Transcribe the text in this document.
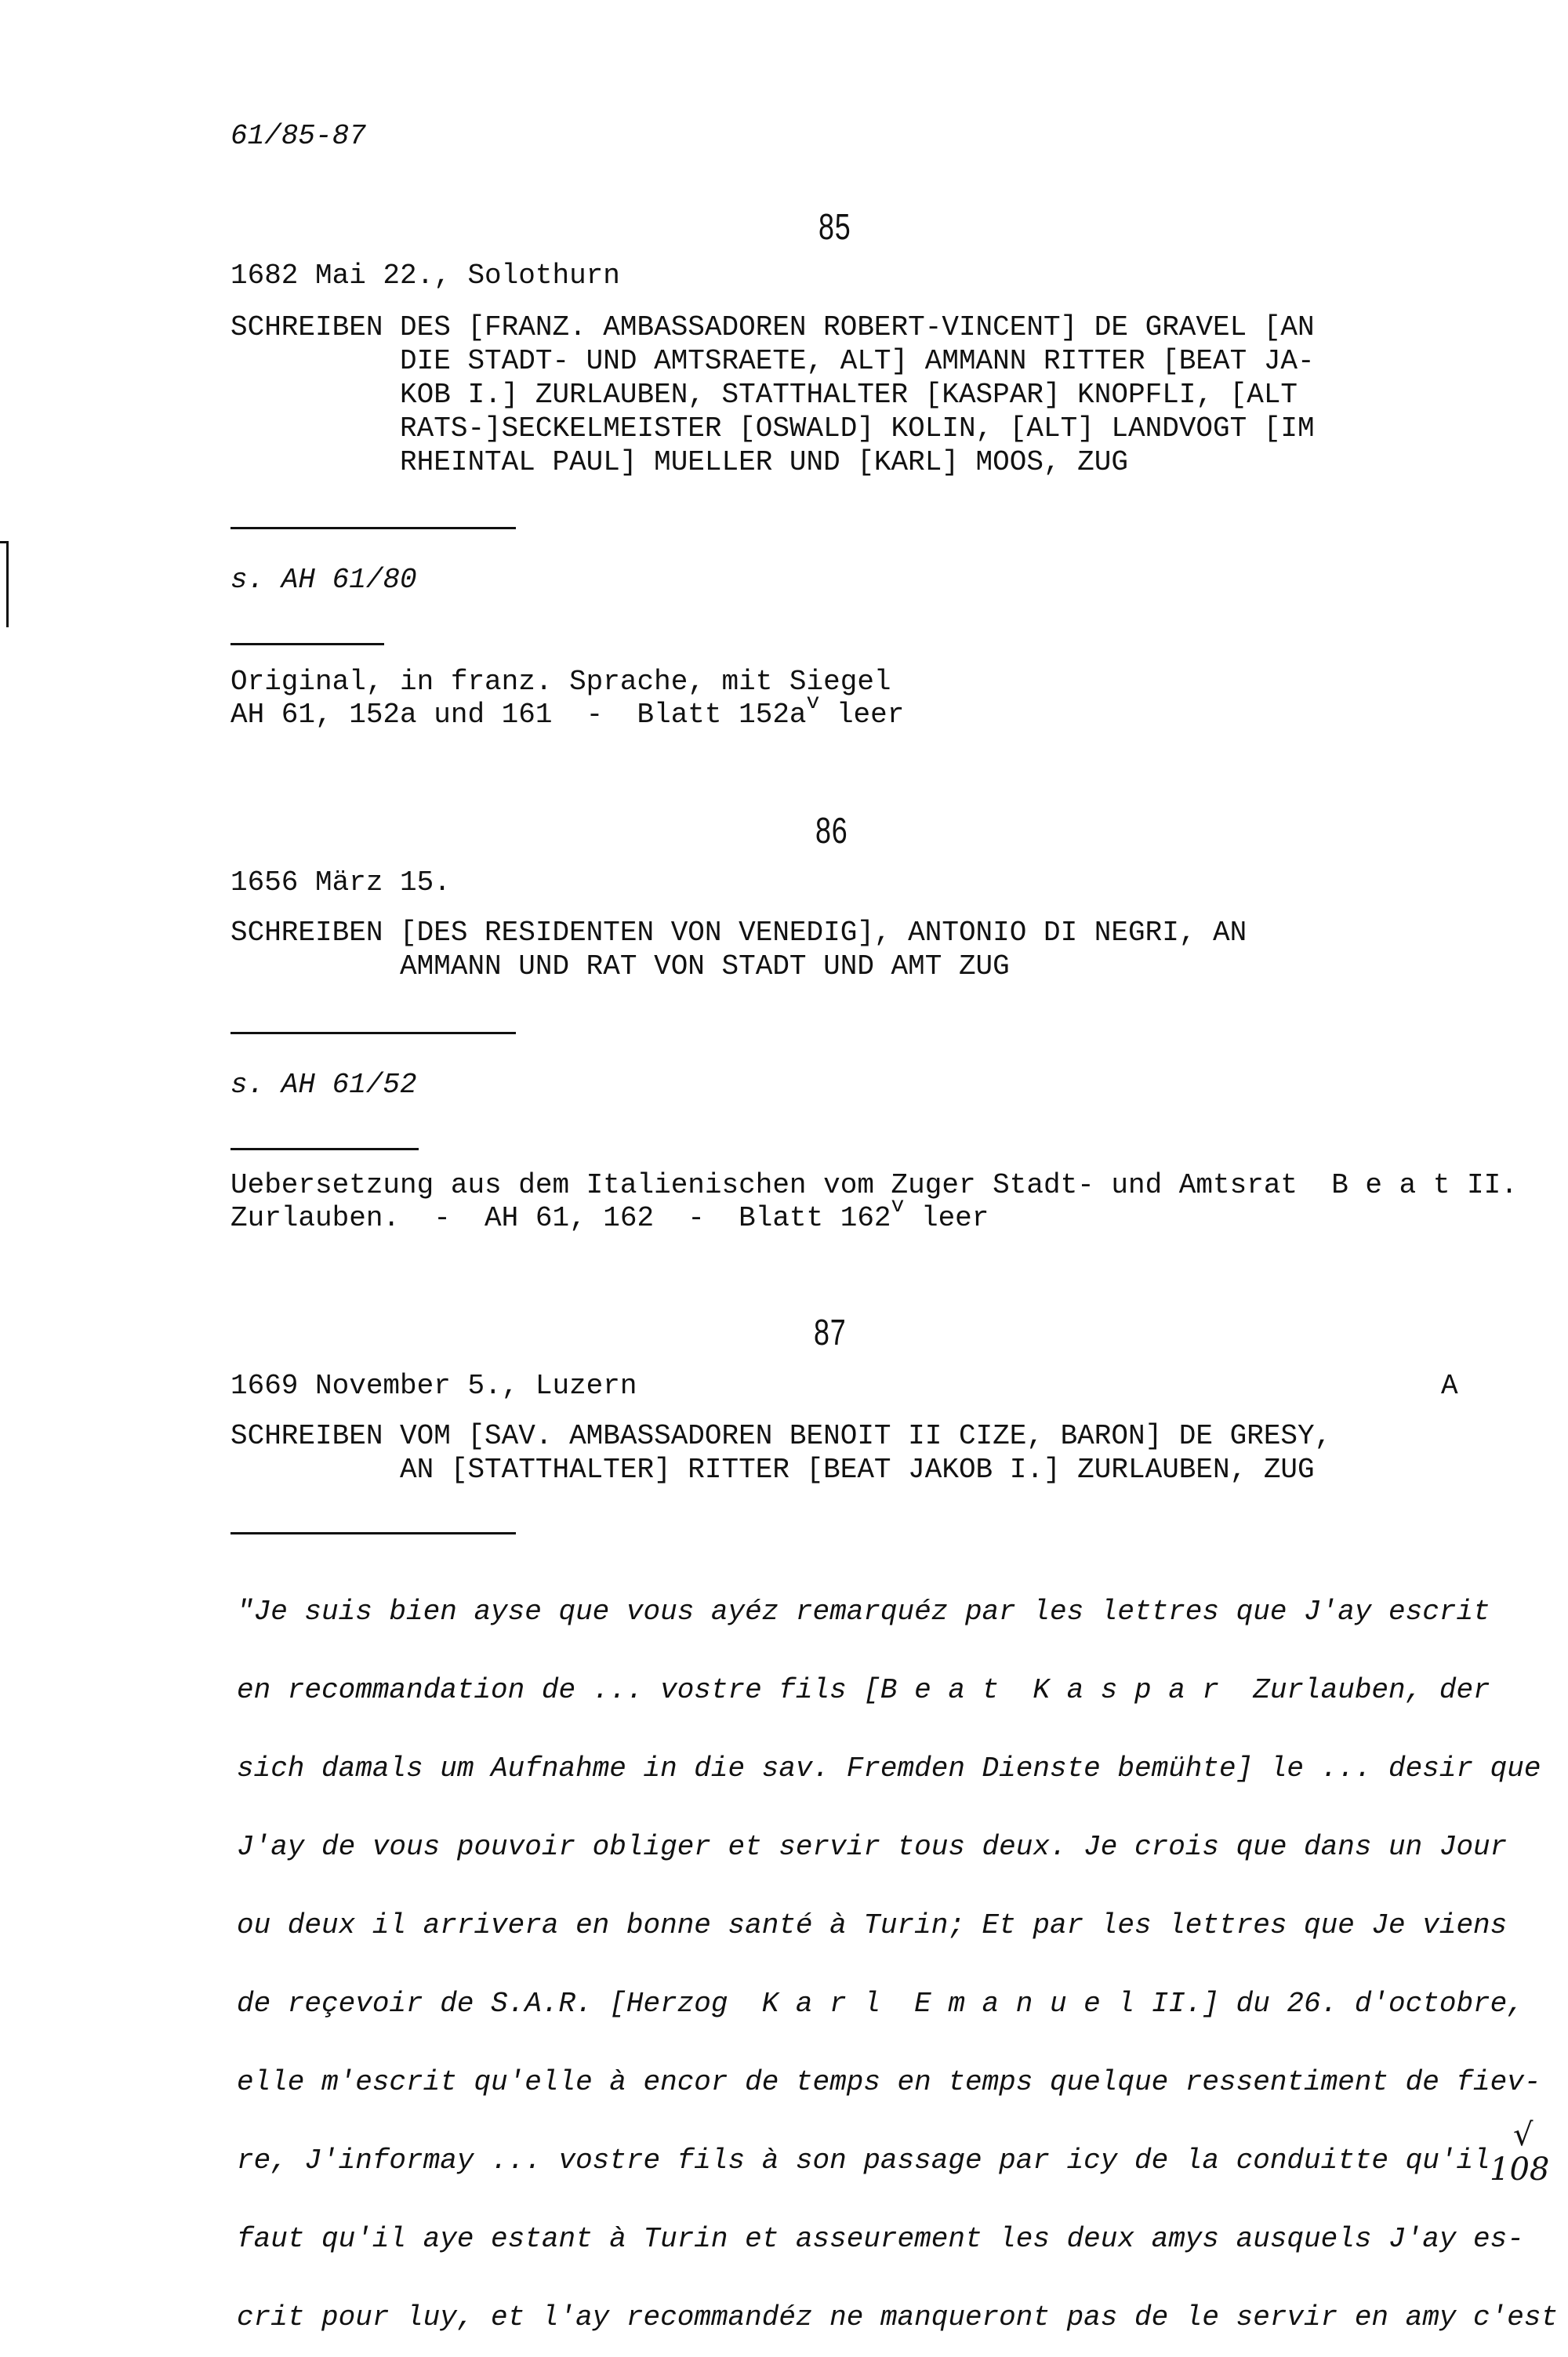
61/85-87
85
1682 Mai 22., Solothurn
SCHREIBEN DES [FRANZ. AMBASSADOREN ROBERT-VINCENT] DE GRAVEL [AN
DIE STADT- UND AMTSRAETE, ALT] AMMANN RITTER [BEAT JA-
KOB I.] ZURLAUBEN, STATTHALTER [KASPAR] KNOPFLI, [ALT
RATS-]SECKELMEISTER [OSWALD] KOLIN, [ALT] LANDVOGT [IM
RHEINTAL PAUL] MUELLER UND [KARL] MOOS, ZUG
s. AH 61/80
Original, in franz. Sprache, mit Siegel
AH 61, 152a und 161  -  Blatt $152a^v$ leer
86
1656 März 15.
SCHREIBEN [DES RESIDENTEN VON VENEDIG], ANTONIO DI NEGRI, AN
AMMANN UND RAT VON STADT UND AMT ZUG
s. AH 61/52
Uebersetzung aus dem Italienischen vom Zuger Stadt- und Amtsrat  B e a t II.
Zurlauben.  -  AH 61, 162  -  Blatt 162$^v$ leer
87
1669 November 5., Luzern	A
SCHREIBEN VOM [SAV. AMBASSADOREN BENOIT II CIZE, BARON] DE GRESY,
AN [STATTHALTER] RITTER [BEAT JAKOB I.] ZURLAUBEN, ZUG

"Je suis bien ayse que vous ayéz remarquéz par les lettres que J'ay escrit

en recommandation de ... vostre fils [B e a t  K a s p a r  Zurlauben, der

sich damals um Aufnahme in die sav. Fremden Dienste bemühte] le ... desir que

J'ay de vous pouvoir obliger et servir tous deux. Je crois que dans un Jour

ou deux il arrivera en bonne santé à Turin; Et par les lettres que Je viens

de reçevoir de S.A.R. [Herzog  K a r l  E m a n u e l II.] du 26. d'octobre,

elle m'escrit qu'elle à encor de temps en temps quelque ressentiment de fiev-

re, J'informay ... vostre fils à son passage par icy de la conduitte qu'il

faut qu'il aye estant à Turin et asseurement les deux amys ausquels J'ay es-

crit pour luy, et l'ay recommandéz ne manqueront pas de le servir en amy c'est

√
108
